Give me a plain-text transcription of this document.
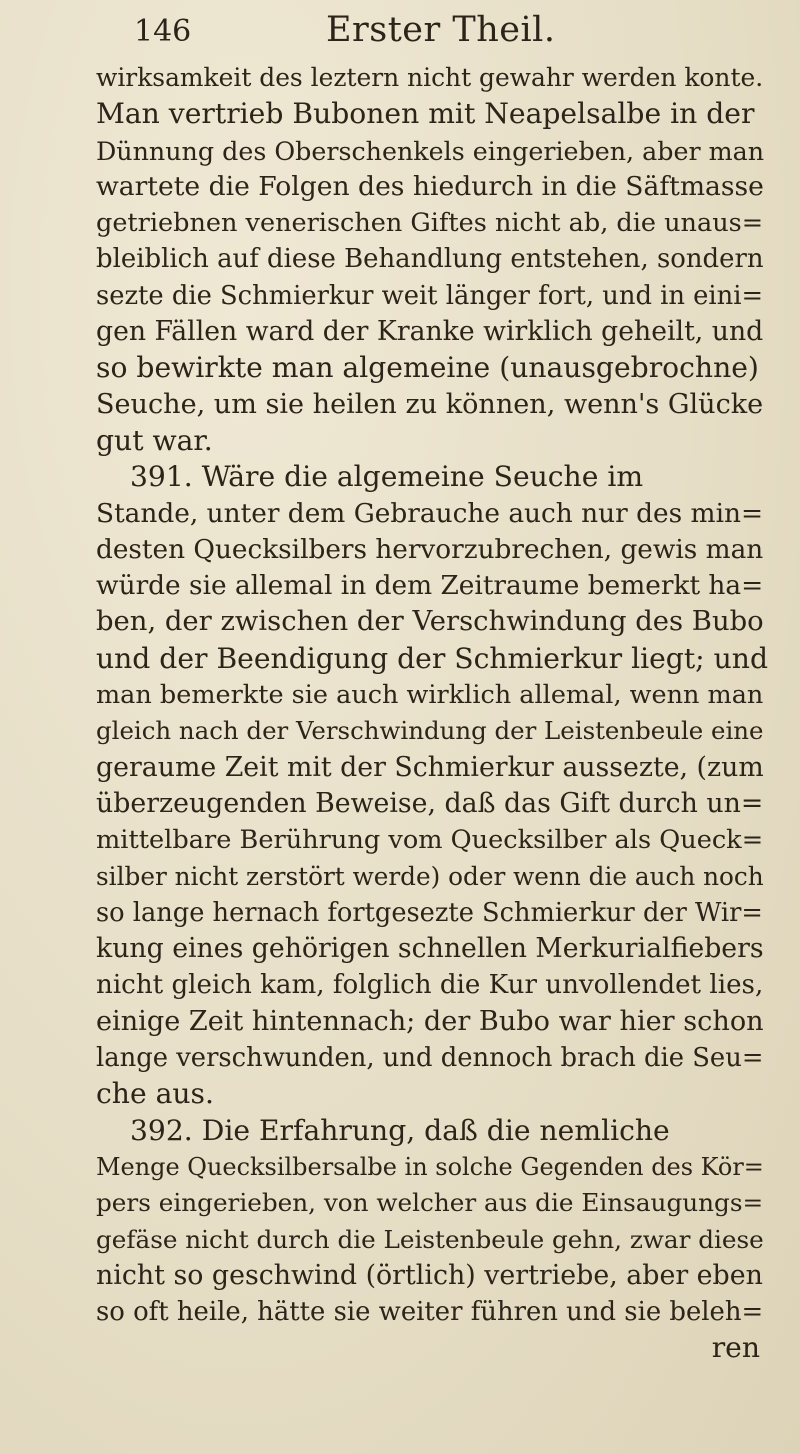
146	Erster Theil.
wirksamkeit des leztern nicht gewahr werden konte.
Man vertrieb Bubonen mit Neapelsalbe in der
Dünnung des Oberschenkels eingerieben, aber man
wartete die Folgen des hiedurch in die Säftmasse
getriebnen venerischen Giftes nicht ab, die unaus=
bleiblich auf diese Behandlung entstehen, sondern
sezte die Schmierkur weit länger fort, und in eini=
gen Fällen ward der Kranke wirklich geheilt, und
so bewirkte man algemeine (unausgebrochne)
Seuche, um sie heilen zu können, wenn's Glücke
gut war.
391. Wäre die algemeine Seuche im
Stande, unter dem Gebrauche auch nur des min=
desten Quecksilbers hervorzubrechen, gewis man
würde sie allemal in dem Zeitraume bemerkt ha=
ben, der zwischen der Verschwindung des Bubo
und der Beendigung der Schmierkur liegt; und
man bemerkte sie auch wirklich allemal, wenn man
gleich nach der Verschwindung der Leistenbeule eine
geraume Zeit mit der Schmierkur aussezte, (zum
überzeugenden Beweise, daß das Gift durch un=
mittelbare Berührung vom Quecksilber als Queck=
silber nicht zerstört werde) oder wenn die auch noch
so lange hernach fortgesezte Schmierkur der Wir=
kung eines gehörigen schnellen Merkurialfiebers
nicht gleich kam, folglich die Kur unvollendet lies,
einige Zeit hintennach; der Bubo war hier schon
lange verschwunden, und dennoch brach die Seu=
che aus.
392. Die Erfahrung, daß die nemliche
Menge Quecksilbersalbe in solche Gegenden des Kör=
pers eingerieben, von welcher aus die Einsaugungs=
gefäse nicht durch die Leistenbeule gehn, zwar diese
nicht so geschwind (örtlich) vertriebe, aber eben
so oft heile, hätte sie weiter führen und sie beleh=
ren
